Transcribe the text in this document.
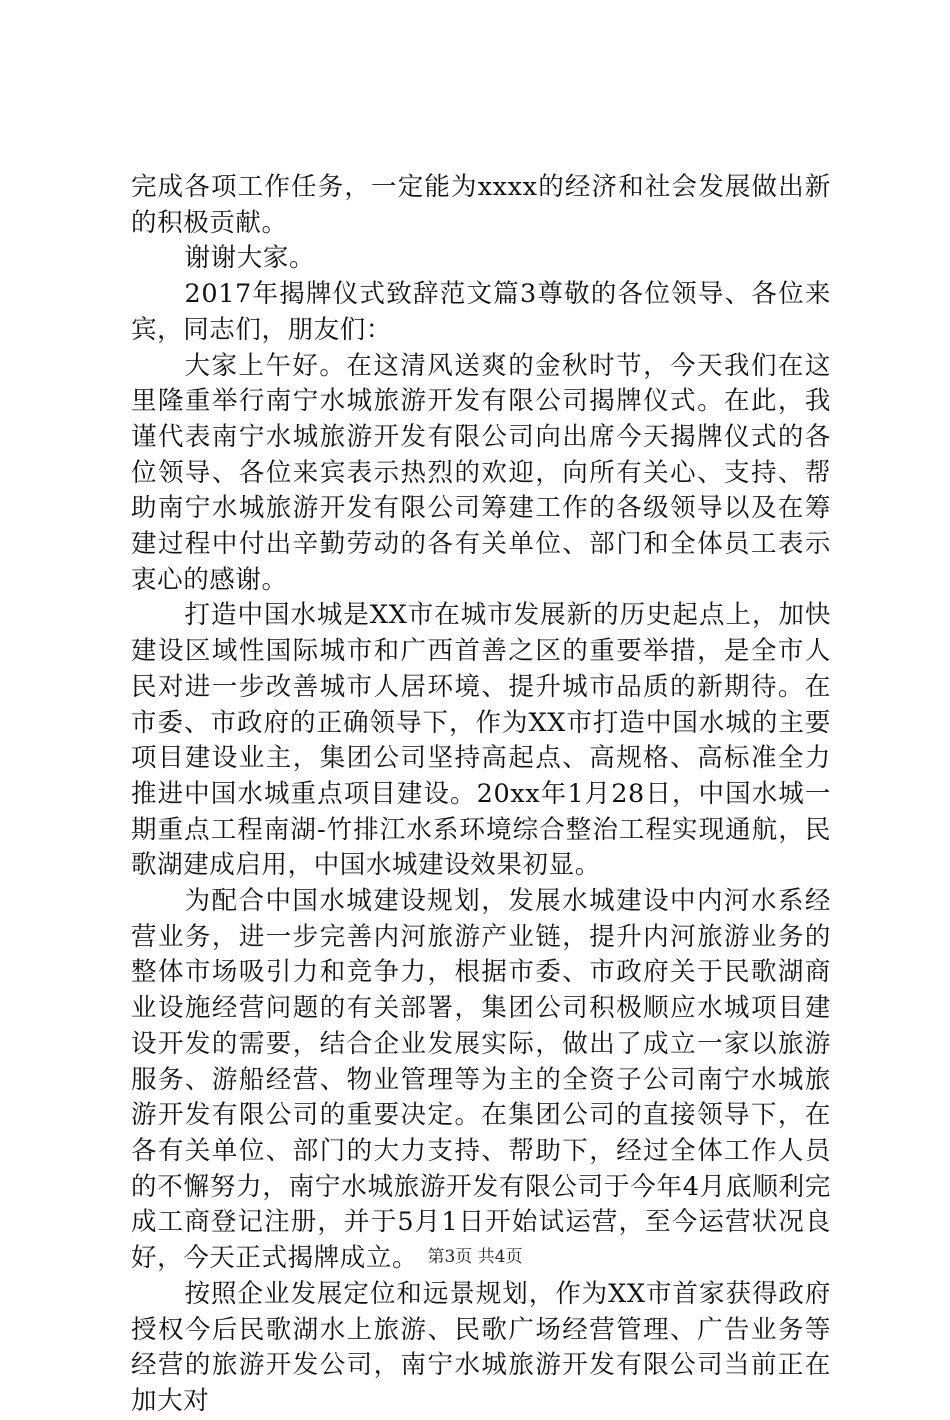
完成各项工作任务，一定能为xxxx的经济和社会发展做出新的积极贡献。

谢谢大家。

2017年揭牌仪式致辞范文篇3尊敬的各位领导、各位来宾，同志们，朋友们：

大家上午好。在这清风送爽的金秋时节，今天我们在这里隆重举行南宁水城旅游开发有限公司揭牌仪式。在此，我谨代表南宁水城旅游开发有限公司向出席今天揭牌仪式的各位领导、各位来宾表示热烈的欢迎，向所有关心、支持、帮助南宁水城旅游开发有限公司筹建工作的各级领导以及在筹建过程中付出辛勤劳动的各有关单位、部门和全体员工表示衷心的感谢。

打造中国水城是XX市在城市发展新的历史起点上，加快建设区域性国际城市和广西首善之区的重要举措，是全市人民对进一步改善城市人居环境、提升城市品质的新期待。在市委、市政府的正确领导下，作为XX市打造中国水城的主要项目建设业主，集团公司坚持高起点、高规格、高标准全力推进中国水城重点项目建设。20xx年1月28日，中国水城一期重点工程南湖-竹排江水系环境综合整治工程实现通航，民歌湖建成启用，中国水城建设效果初显。

为配合中国水城建设规划，发展水城建设中内河水系经营业务，进一步完善内河旅游产业链，提升内河旅游业务的整体市场吸引力和竞争力，根据市委、市政府关于民歌湖商业设施经营问题的有关部署，集团公司积极顺应水城项目建设开发的需要，结合企业发展实际，做出了成立一家以旅游服务、游船经营、物业管理等为主的全资子公司南宁水城旅游开发有限公司的重要决定。在集团公司的直接领导下，在各有关单位、部门的大力支持、帮助下，经过全体工作人员的不懈努力，南宁水城旅游开发有限公司于今年4月底顺利完成工商登记注册，并于5月1日开始试运营，至今运营状况良好，今天正式揭牌成立。

按照企业发展定位和远景规划，作为XX市首家获得政府授权今后民歌湖水上旅游、民歌广场经营管理、广告业务等经营的旅游开发公司，南宁水城旅游开发有限公司当前正在加大对

第3页 共4页
